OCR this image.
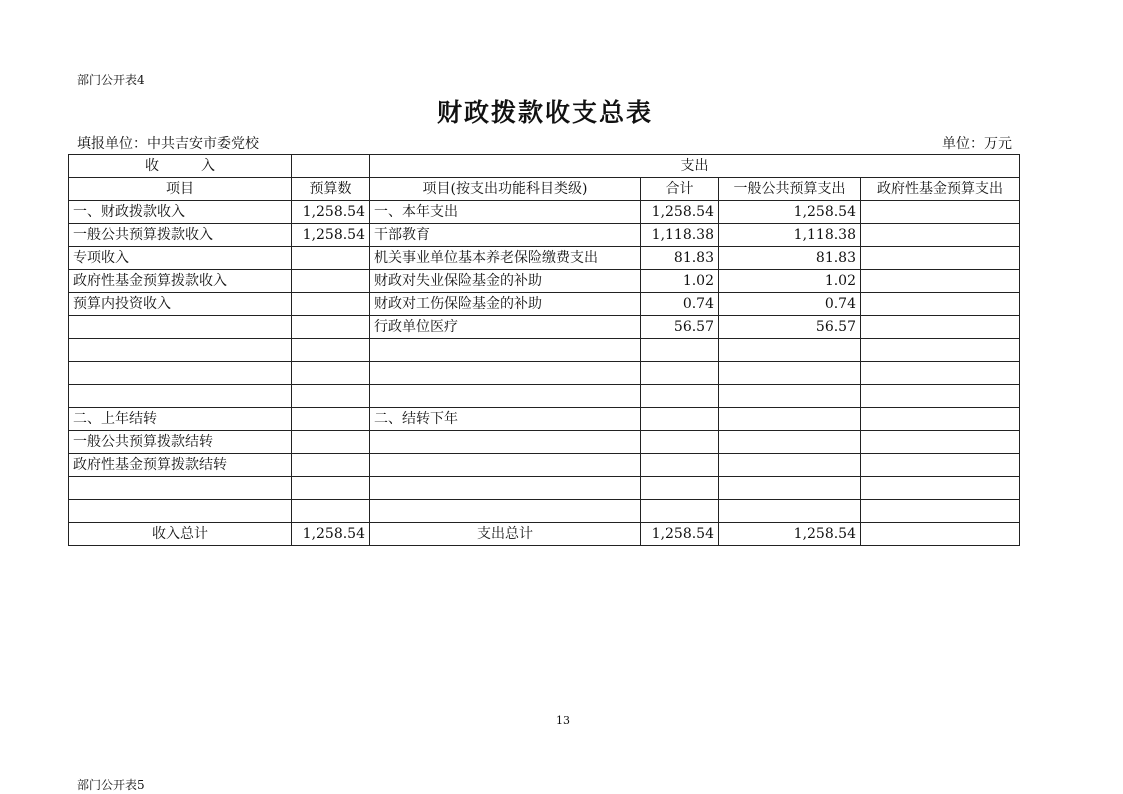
部门公开表4
财政拨款收支总表
填报单位：中共吉安市委党校	单位：万元
收　　　入		支出			
项目	预算数	项目(按支出功能科目类级)	合计	一般公共预算支出	政府性基金预算支出
一、财政拨款收入	1,258.54	一、本年支出	1,258.54	1,258.54	
一般公共预算拨款收入	1,258.54	干部教育	1,118.38	1,118.38	
专项收入		机关事业单位基本养老保险缴费支出	81.83	81.83	
政府性基金预算拨款收入		财政对失业保险基金的补助	1.02	1.02	
预算内投资收入		财政对工伤保险基金的补助	0.74	0.74	
		行政单位医疗	56.57	56.57	

二、上年结转		二、结转下年			
一般公共预算拨款结转					
政府性基金预算拨款结转					

收入总计	1,258.54	支出总计	1,258.54	1,258.54	
13
部门公开表5
